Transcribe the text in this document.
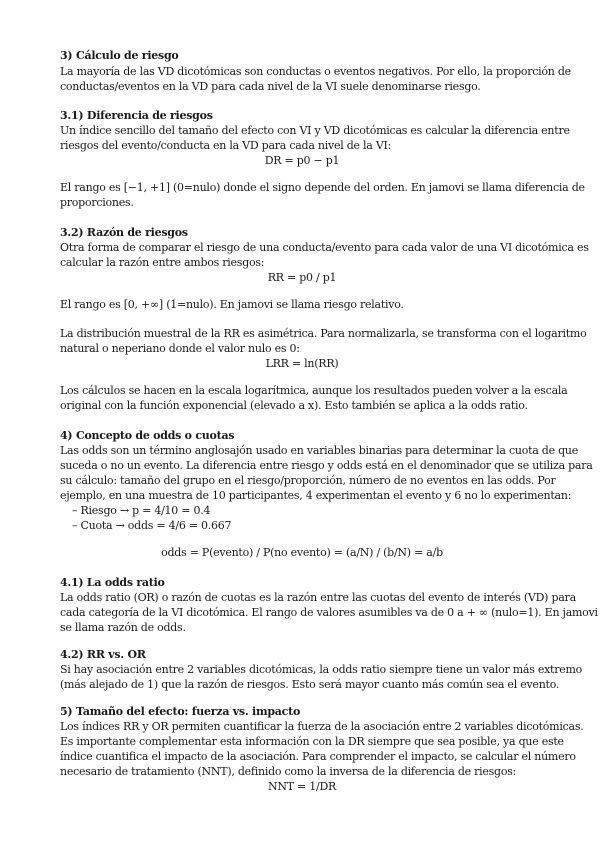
3) Cálculo de riesgo
La mayoría de las VD dicotómicas son conductas o eventos negativos. Por ello, la proporción de
conductas/eventos en la VD para cada nivel de la VI suele denominarse riesgo.
3.1) Diferencia de riesgos
Un índice sencillo del tamaño del efecto con VI y VD dicotómicas es calcular la diferencia entre
riesgos del evento/conducta en la VD para cada nivel de la VI:
DR = p0 − p1
El rango es [−1, +1] (0=nulo) donde el signo depende del orden. En jamovi se llama diferencia de
proporciones.
3.2) Razón de riesgos
Otra forma de comparar el riesgo de una conducta/evento para cada valor de una VI dicotómica es
calcular la razón entre ambos riesgos:
RR = p0 / p1
El rango es [0, +∞] (1=nulo). En jamovi se llama riesgo relativo.
La distribución muestral de la RR es asimétrica. Para normalizarla, se transforma con el logaritmo
natural o neperiano donde el valor nulo es 0:
LRR = ln(RR)
Los cálculos se hacen en la escala logarítmica, aunque los resultados pueden volver a la escala
original con la función exponencial (elevado a x). Esto también se aplica a la odds ratio.
4) Concepto de odds o cuotas
Las odds son un término anglosajón usado en variables binarias para determinar la cuota de que
suceda o no un evento. La diferencia entre riesgo y odds está en el denominador que se utiliza para
su cálculo: tamaño del grupo en el riesgo/proporción, número de no eventos en las odds. Por
ejemplo, en una muestra de 10 participantes, 4 experimentan el evento y 6 no lo experimentan:
– Riesgo → p = 4/10 = 0.4
– Cuota → odds = 4/6 = 0.667
odds = P(evento) / P(no evento) = (a/N) / (b/N) = a/b
4.1) La odds ratio
La odds ratio (OR) o razón de cuotas es la razón entre las cuotas del evento de interés (VD) para
cada categoría de la VI dicotómica. El rango de valores asumibles va de 0 a + ∞ (nulo=1). En jamovi
se llama razón de odds.
4.2) RR vs. OR
Si hay asociación entre 2 variables dicotómicas, la odds ratio siempre tiene un valor más extremo
(más alejado de 1) que la razón de riesgos. Esto será mayor cuanto más común sea el evento.
5) Tamaño del efecto: fuerza vs. impacto
Los índices RR y OR permiten cuantificar la fuerza de la asociación entre 2 variables dicotómicas.
Es importante complementar esta información con la DR siempre que sea posible, ya que este
índice cuantifica el impacto de la asociación. Para comprender el impacto, se calcular el número
necesario de tratamiento (NNT), definido como la inversa de la diferencia de riesgos:
NNT = 1/DR
